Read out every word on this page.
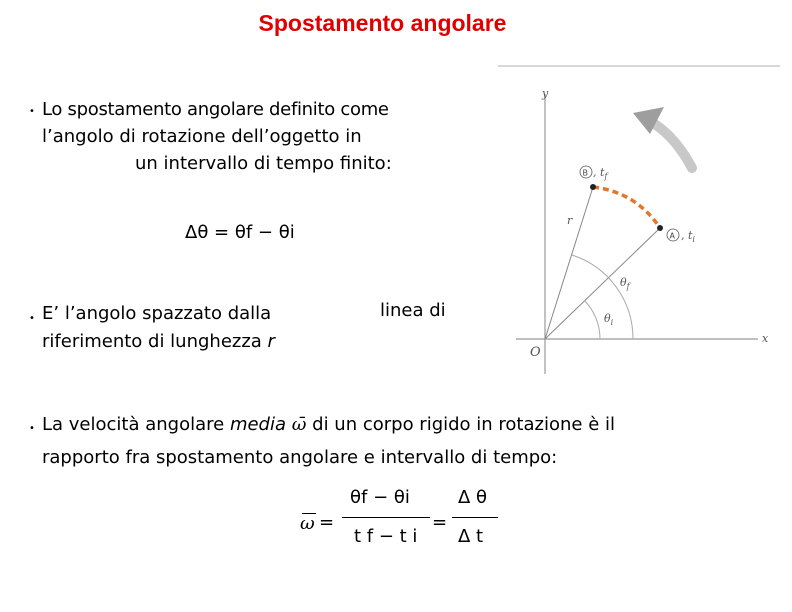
Spostamento angolare
• Lo spostamento angolare definito come
l’angolo di rotazione dell’oggetto in
un intervallo di tempo finito:
Δθ = θf − θi
• E’ l’angolo spazzato dalla	linea di
riferimento di lunghezza r
• La velocità angolare media ω̄ di un corpo rigido in rotazione è il
rapporto fra spostamento angolare e intervallo di tempo:
ω =
θf − θi
t f − t i
=
Δ θ
Δ t
y
x
O
$\theta_i$
$\theta_f$
r
B , $t_f$
A , $t_i$
